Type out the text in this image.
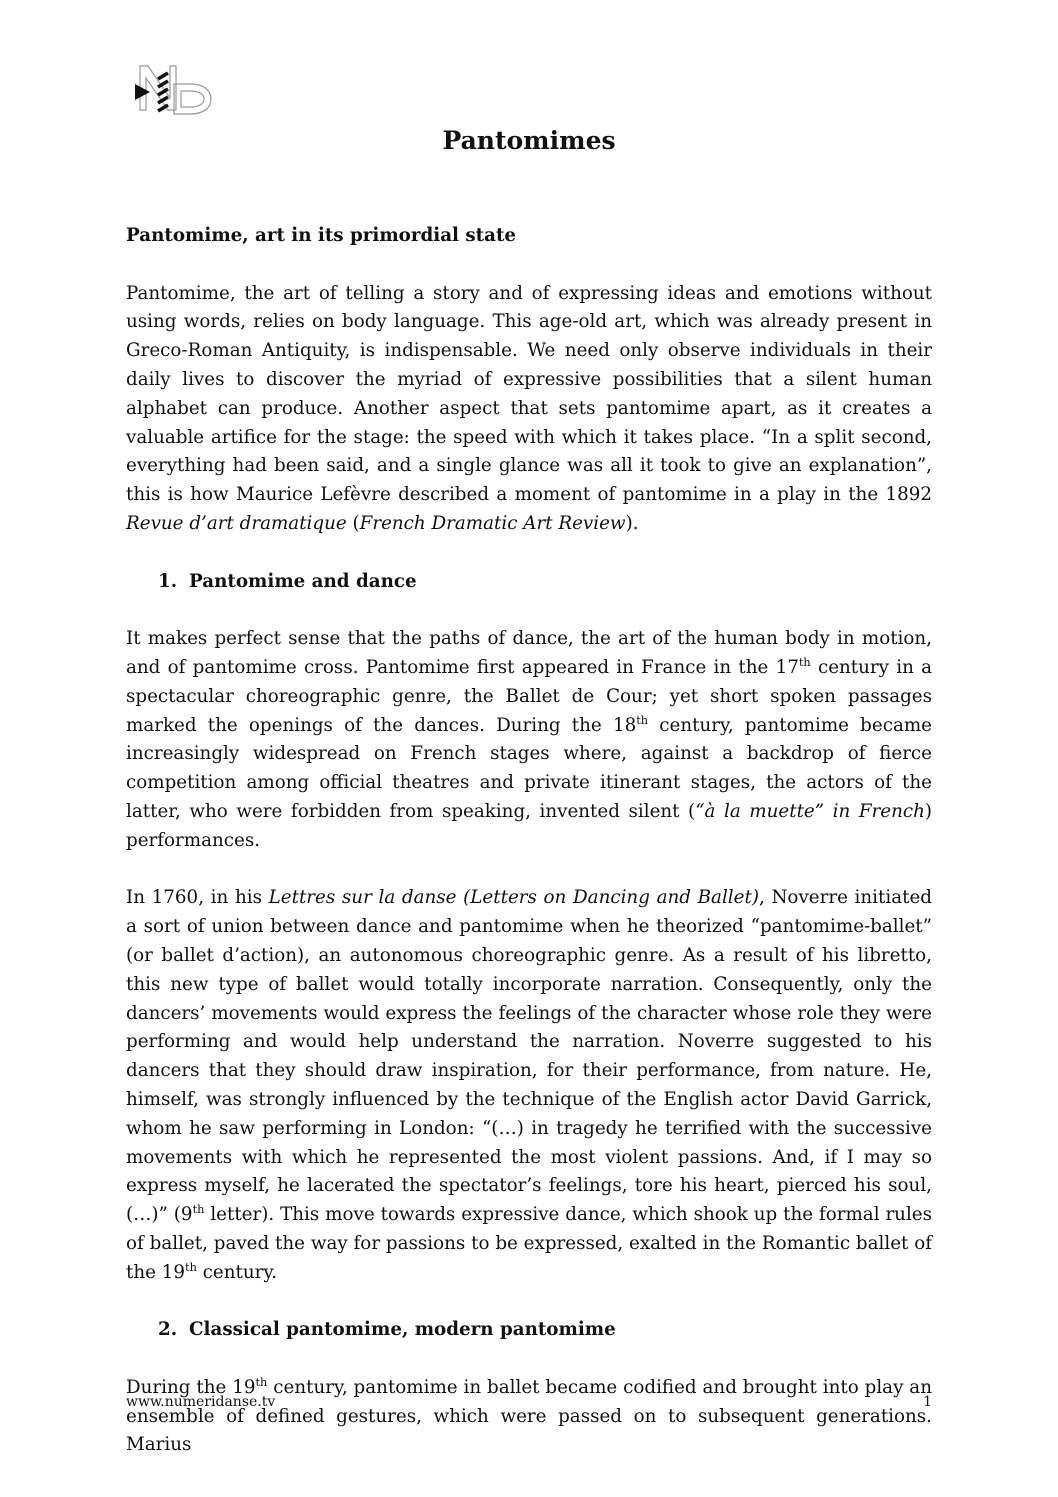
Pantomimes

Pantomime, art in its primordial state

Pantomime, the art of telling a story and of expressing ideas and emotions without using words, relies on body language. This age-old art, which was already present in Greco-Roman Antiquity, is indispensable. We need only observe individuals in their daily lives to discover the myriad of expressive possibilities that a silent human alphabet can produce. Another aspect that sets pantomime apart, as it creates a valuable artifice for the stage: the speed with which it takes place. “In a split second, everything had been said, and a single glance was all it took to give an explanation”, this is how Maurice Lefèvre described a moment of pantomime in a play in the 1892 Revue d’art dramatique (French Dramatic Art Review).

1. Pantomime and dance

It makes perfect sense that the paths of dance, the art of the human body in motion, and of pantomime cross. Pantomime first appeared in France in the 17th century in a spectacular choreographic genre, the Ballet de Cour; yet short spoken passages marked the openings of the dances. During the 18th century, pantomime became increasingly widespread on French stages where, against a backdrop of fierce competition among official theatres and private itinerant stages, the actors of the latter, who were forbidden from speaking, invented silent (“à la muette” in French) performances.

In 1760, in his Lettres sur la danse (Letters on Dancing and Ballet), Noverre initiated a sort of union between dance and pantomime when he theorized “pantomime-ballet” (or ballet d’action), an autonomous choreographic genre. As a result of his libretto, this new type of ballet would totally incorporate narration. Consequently, only the dancers’ movements would express the feelings of the character whose role they were performing and would help understand the narration. Noverre suggested to his dancers that they should draw inspiration, for their performance, from nature. He, himself, was strongly influenced by the technique of the English actor David Garrick, whom he saw performing in London: “(…) in tragedy he terrified with the successive movements with which he represented the most violent passions. And, if I may so express myself, he lacerated the spectator’s feelings, tore his heart, pierced his soul, (…)” (9th letter). This move towards expressive dance, which shook up the formal rules of ballet, paved the way for passions to be expressed, exalted in the Romantic ballet of the 19th century.

2. Classical pantomime, modern pantomime

During the 19th century, pantomime in ballet became codified and brought into play an ensemble of defined gestures, which were passed on to subsequent generations. Marius

www.numeridanse.tv	1
